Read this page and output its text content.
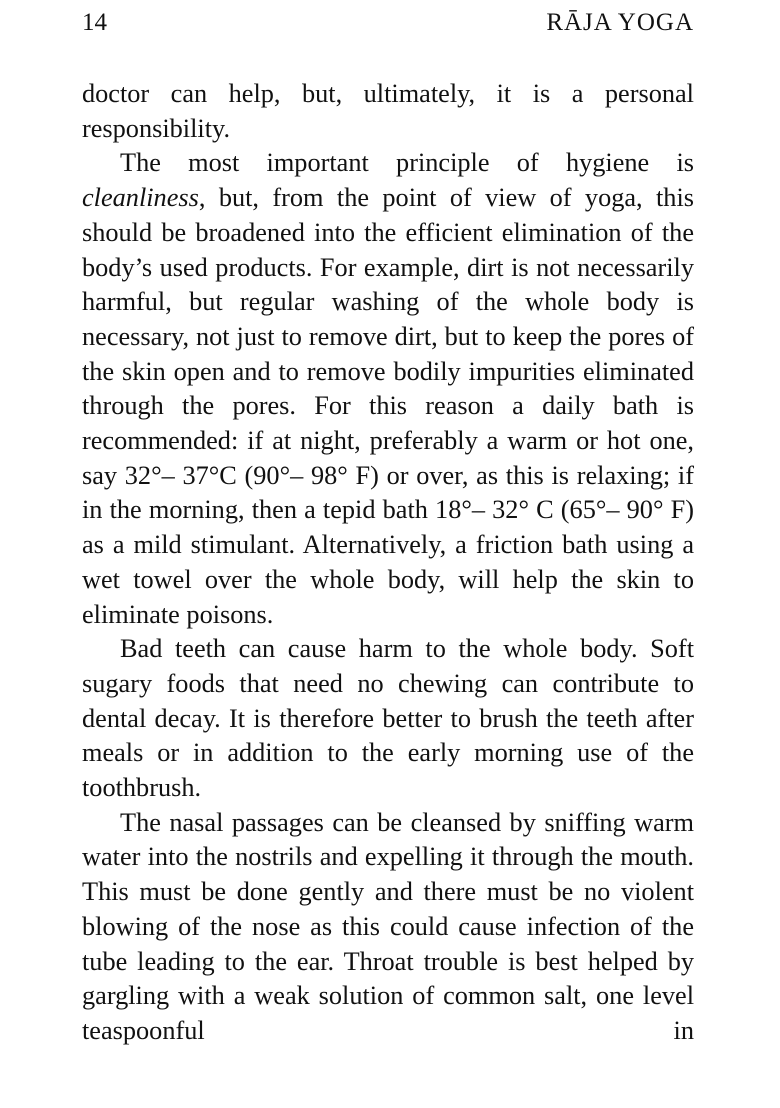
14	RĀJA YOGA

doctor can help, but, ultimately, it is a personal responsibility.

The most important principle of hygiene is cleanliness, but, from the point of view of yoga, this should be broadened into the efficient elimination of the body’s used products. For example, dirt is not necessarily harmful, but regular washing of the whole body is necessary, not just to remove dirt, but to keep the pores of the skin open and to remove bodily impurities eliminated through the pores. For this reason a daily bath is recommended: if at night, preferably a warm or hot one, say 32°– 37°C (90°– 98° F) or over, as this is relaxing; if in the morning, then a tepid bath 18°– 32° C (65°– 90° F) as a mild stimulant. Alternatively, a friction bath using a wet towel over the whole body, will help the skin to eliminate poisons.

Bad teeth can cause harm to the whole body. Soft sugary foods that need no chewing can contribute to dental decay. It is therefore better to brush the teeth after meals or in addition to the early morning use of the toothbrush.

The nasal passages can be cleansed by sniffing warm water into the nostrils and expelling it through the mouth. This must be done gently and there must be no violent blowing of the nose as this could cause infection of the tube leading to the ear. Throat trouble is best helped by gargling with a weak solution of common salt, one level teaspoonful in
